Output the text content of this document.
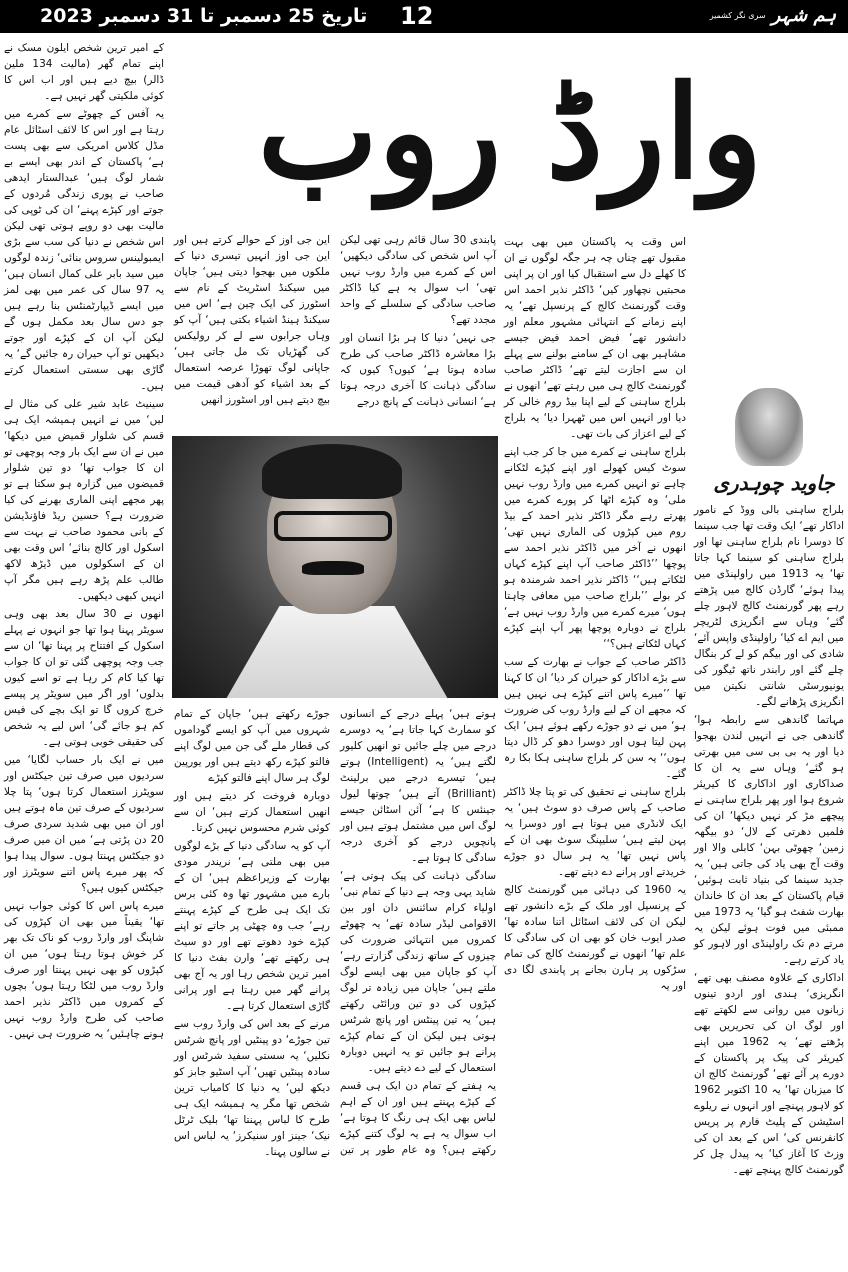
تاریخ 25 دسمبر تا 31 دسمبر 2023 12	سری نگر کشمیر ہم شہر

کے امیر ترین شخص ایلون مسک نے اپنے تمام گھر (مالیت 134 ملین ڈالر) بیچ دیے ہیں اور اب اس کا کوئی ملکیتی گھر نہیں ہے۔

یہ آفس کے چھوٹے سے کمرے میں رہتا ہے اور اس کا لائف اسٹائل عام مڈل کلاس امریکی سے بھی پست ہے‘ پاکستان کے اندر بھی ایسے بے شمار لوگ ہیں‘ عبدالستار ایدھی صاحب نے پوری زندگی مُردوں کے جوتے اور کپڑے پہنے‘ ان کی ٹوپی کی مالیت بھی دو روپے ہوتی تھی لیکن اس شخص نے دنیا کی سب سے بڑی ایمبولینس سروس بنائی‘ زندہ لوگوں میں سید بابر علی کمال انسان ہیں‘ یہ 97 سال کی عمر میں بھی لمز میں ایسے ڈیپارٹمنٹس بنا رہے ہیں جو دس سال بعد مکمل ہوں گے لیکن آپ ان کے کپڑے اور جوتے دیکھیں تو آپ حیران رہ جائیں گے‘ یہ گاڑی بھی سستی استعمال کرتے ہیں۔

سینیٹ عابد شیر علی کی مثال لے لیں‘ میں نے انہیں ہمیشہ ایک ہی قسم کی شلوار قمیض میں دیکھا‘ میں نے ان سے ایک بار وجہ پوچھی تو ان کا جواب تھا‘ دو تین شلوار قمیضوں میں گزارہ ہو سکتا ہے تو پھر مجھے اپنی الماری بھرنے کی کیا ضرورت ہے؟ حسین ریڈ فاؤنڈیشن کے بانی محمود صاحب نے بہت سے اسکول اور کالج بنائے‘ اس وقت بھی ان کے اسکولوں میں ڈیڑھ لاکھ طالب علم پڑھ رہے ہیں مگر آپ انہیں کبھی دیکھیں۔

انھوں نے 30 سال بعد بھی وہی سویٹر پہنا ہوا تھا جو انہوں نے پہلے اسکول کے افتتاح پر پہنا تھا‘ ان سے جب وجہ پوچھی گئی تو ان کا جواب تھا کیا کام کر رہا ہے تو اسے کیوں بدلوں‘ اور اگر میں سویٹر پر پیسے خرچ کروں گا تو ایک بچے کی فیس کم ہو جائے گی‘ اس لیے یہ شخص کی حقیقی خوبی ہوتی ہے۔

میں نے ایک بار حساب لگایا‘ میں سردیوں میں صرف تین جیکٹس اور سویٹرز استعمال کرتا ہوں‘ پتا چلا سردیوں کے صرف تین ماہ ہوتے ہیں اور ان میں بھی شدید سردی صرف 20 دن پڑتی ہے‘ میں ان میں صرف دو جیکٹس پہنتا ہوں۔ سوال پیدا ہوا کہ پھر میرے پاس اتنے سویٹرز اور جیکٹس کیوں ہیں؟

میرے پاس اس کا کوئی جواب نہیں تھا‘ یقیناً میں بھی ان کپڑوں کی شاپنگ اور وارڈ روب کو ناک تک بھر کر خوش ہوتا رہتا ہوں‘ میں ان کپڑوں کو بھی نہیں پہنتا اور صرف وارڈ روب میں لٹکا رہتا ہوں‘ بچوں کے کمروں میں ڈاکٹر نذیر احمد صاحب کی طرح وارڈ روب نہیں ہونے چاہئیں‘ یہ ضرورت ہی نہیں۔

وارڈ روب

پابندی 30 سال قائم رہی تھی لیکن آپ اس شخص کی سادگی دیکھیں‘ اس کے کمرے میں وارڈ روب نہیں تھی‘ اب سوال یہ ہے کیا ڈاکٹر صاحب سادگی کے سلسلے کے واحد مجدد تھے؟

جی نہیں‘ دنیا کا ہر بڑا انسان اور بڑا معاشرہ ڈاکٹر صاحب کی طرح سادہ ہوتا ہے‘ کیوں؟ کیوں کہ سادگی ذہانت کا آخری درجہ ہوتا ہے‘ انسانی ذہانت کے پانچ درجے

این جی اوز کے حوالے کرتے ہیں اور این جی اوز انہیں تیسری دنیا کے ملکوں میں بھجوا دیتی ہیں‘ جاپان میں سیکنڈ اسٹریٹ کے نام سے اسٹورز کی ایک چین ہے‘ اس میں سیکنڈ ہینڈ اشیاء بکتی ہیں‘ آپ کو وہاں جرابوں سے لے کر رولیکس کی گھڑیاں تک مل جاتی ہیں‘ جاپانی لوگ تھوڑا عرصہ استعمال کے بعد اشیاء کو آدھی قیمت میں بیچ دیتے ہیں اور اسٹورز انھیں

ہوتے ہیں‘ پہلے درجے کے انسانوں کو سمارٹ کہا جاتا ہے‘ یہ دوسرے درجے میں چلے جائیں تو انھیں کلیور لگتے ہیں‘ یہ (Intelligent) ہوتے ہیں‘ تیسرے درجے میں برلینٹ (Brilliant) آتے ہیں‘ چوتھا لیول جینئس کا ہے‘ آئن اسٹائن جیسے لوگ اس میں مشتمل ہوتے ہیں اور پانچویں درجے کو آخری درجہ سادگی کا ہوتا ہے۔

سادگی ذہانت کی پیک ہوتی ہے‘ شاید یہی وجہ ہے دنیا کے تمام نبی‘ اولیاء کرام سائنس دان اور بین الاقوامی لیڈر سادہ تھے‘ یہ چھوٹے کمروں میں انتہائی ضرورت کی چیزوں کے ساتھ زندگی گزارتے رہے‘ آپ کو جاپان میں بھی ایسے لوگ ملتے ہیں‘ جاپان میں زیادہ تر لوگ کپڑوں کی دو تین ورائٹی رکھتے ہیں‘ یہ تین پینٹس اور پانچ شرٹس ہوتی ہیں لیکن ان کے تمام کپڑے پرانے ہو جائیں تو یہ انہیں دوبارہ استعمال کے لیے دے دیتے ہیں۔

یہ ہفتے کے تمام دن ایک ہی قسم کے کپڑے پہنتے ہیں اور ان کے اہم لباس بھی ایک ہی رنگ کا ہوتا ہے‘ اب سوال یہ ہے یہ لوگ کتنے کپڑے رکھتے ہیں؟ وہ عام طور پر تین جوڑے رکھتے ہیں‘ جاپان کے تمام شہروں میں آپ کو ایسے گوداموں کی قطار ملے گی جن میں لوگ اپنے فالتو کپڑے رکھ دیتے ہیں اور یورپین لوگ ہر سال اپنے فالتو کپڑے

دوبارہ فروخت کر دیتے ہیں اور انھیں استعمال کرتے ہیں‘ ان سے کوئی شرم محسوس نہیں کرتا۔

آپ کو یہ سادگی دنیا کے بڑے لوگوں میں بھی ملتی ہے‘ نریندر مودی بھارت کے وزیراعظم ہیں‘ ان کے بارے میں مشہور تھا وہ کئی برس تک ایک ہی طرح کے کپڑے پہنتے رہے‘ جب وہ چھٹی پر جاتے تو اپنے کپڑے خود دھوتے تھے اور دو سیٹ ہی رکھتے تھے‘ وارن بفٹ دنیا کا امیر ترین شخص رہا اور یہ آج بھی پرانے گھر میں رہتا ہے اور پرانی گاڑی استعمال کرتا ہے۔

مرنے کے بعد اس کی وارڈ روب سے تین جوڑے‘ دو پینٹیں اور پانچ شرٹس نکلیں‘ یہ سستی سفید شرٹس اور سادہ پینٹیں تھیں‘ آپ اسٹیو جابز کو دیکھ لیں‘ یہ دنیا کا کامیاب ترین شخص تھا مگر یہ ہمیشہ ایک ہی طرح کا لباس پہنتا تھا‘ بلیک ٹرٹل نیک‘ جینز اور سنیکرز‘ یہ لباس اس نے سالوں پہنا۔

اس وقت یہ پاکستان میں بھی بہت مقبول تھے چناں چہ ہر جگہ لوگوں نے ان کا کھلے دل سے استقبال کیا اور ان پر اپنی محبتیں نچھاور کیں‘ ڈاکٹر نذیر احمد اس وقت گورنمنٹ کالج کے پرنسپل تھے‘ یہ اپنے زمانے کے انتہائی مشہور معلم اور دانشور تھے‘ فیض احمد فیض جیسے مشاہیر بھی ان کے سامنے بولنے سے پہلے ان سے اجازت لیتے تھے‘ ڈاکٹر صاحب گورنمنٹ کالج ہی میں رہتے تھے‘ انھوں نے بلراج ساہنی کے لیے اپنا بیڈ روم خالی کر دیا اور انہیں اس میں ٹھہرا دیا‘ یہ بلراج کے لیے اعزاز کی بات تھی۔

بلراج ساہنی نے کمرے میں جا کر جب اپنے سوٹ کیس کھولے اور اپنے کپڑے لٹکانے چاہے تو انہیں کمرے میں وارڈ روب نہیں ملی‘ وہ کپڑے اٹھا کر پورے کمرے میں پھرتے رہے مگر ڈاکٹر نذیر احمد کے بیڈ روم میں کپڑوں کی الماری نہیں تھی‘ انھوں نے آخر میں ڈاکٹر نذیر احمد سے پوچھا ’’ڈاکٹر صاحب آپ اپنے کپڑے کہاں لٹکاتے ہیں‘‘ ڈاکٹر نذیر احمد شرمندہ ہو کر بولے ’’بلراج صاحب میں معافی چاہتا ہوں‘ میرے کمرے میں وارڈ روب نہیں ہے‘ بلراج نے دوبارہ پوچھا پھر آپ اپنے کپڑے کہاں لٹکاتے ہیں؟‘‘

ڈاکٹر صاحب کے جواب نے بھارت کے سب سے بڑے اداکار کو حیران کر دیا‘ ان کا کہنا تھا ’’میرے پاس اتنے کپڑے ہی نہیں ہیں کہ مجھے ان کے لیے وارڈ روب کی ضرورت ہو‘ میں نے دو جوڑے رکھے ہوئے ہیں‘ ایک پہن لیتا ہوں اور دوسرا دھو کر ڈال دیتا ہوں‘‘ یہ سن کر بلراج ساہنی ہکا بکا رہ گئے۔

بلراج ساہنی نے تحقیق کی تو پتا چلا ڈاکٹر صاحب کے پاس صرف دو سوٹ ہیں‘ یہ ایک لانڈری میں ہوتا ہے اور دوسرا یہ پہن لیتے ہیں‘ سلیپنگ سوٹ بھی ان کے پاس نہیں تھا‘ یہ ہر سال دو جوڑے خریدتے اور پرانے دے دیتے تھے۔

یہ 1960 کی دہائی میں گورنمنٹ کالج کے پرنسپل اور ملک کے بڑے دانشور تھے لیکن ان کی لائف اسٹائل اتنا سادہ تھا‘ صدر ایوب خان کو بھی ان کی سادگی کا علم تھا‘ انھوں نے گورنمنٹ کالج کی تمام سڑکوں پر ہارن بجانے پر پابندی لگا دی اور یہ

جاوید چوہدری

بلراج ساہنی بالی ووڈ کے نامور اداکار تھے‘ ایک وقت تھا جب سینما کا دوسرا نام بلراج ساہنی تھا اور بلراج ساہنی کو سینما کہا جاتا تھا‘ یہ 1913 میں راولپنڈی میں پیدا ہوئے‘ گارڈن کالج میں پڑھتے رہے پھر گورنمنٹ کالج لاہور چلے گئے‘ وہاں سے انگریزی لٹریچر میں ایم اے کیا‘ راولپنڈی واپس آئے‘ شادی کی اور بیگم کو لے کر بنگال چلے گئے اور رابندر ناتھ ٹیگور کی یونیورسٹی شانتی نکیتن میں انگریزی پڑھانے لگے۔

مہاتما گاندھی سے رابطہ ہوا‘ گاندھی جی نے انہیں لندن بھجوا دیا اور یہ بی بی سی میں بھرتی ہو گئے‘ وہاں سے یہ ان کا صداکاری اور اداکاری کا کیریئر شروع ہوا اور پھر بلراج ساہنی نے پیچھے مڑ کر نہیں دیکھا‘ ان کی فلمیں دھرتی کے لال‘ دو بیگھہ زمین‘ چھوٹی بہن‘ کابلی والا اور وقت آج بھی یاد کی جاتی ہیں‘ یہ جدید سینما کی بنیاد ثابت ہوئیں‘ قیام پاکستان کے بعد ان کا خاندان بھارت شفٹ ہو گیا‘ یہ 1973 میں ممبئی میں فوت ہوئے لیکن یہ مرتے دم تک راولپنڈی اور لاہور کو یاد کرتے رہے۔

اداکاری کے علاوہ مصنف بھی تھے‘ انگریزی‘ ہندی اور اردو تینوں زبانوں میں روانی سے لکھتے تھے اور لوگ ان کی تحریریں بھی پڑھتے تھے‘ یہ 1962 میں اپنے کیریئر کی پیک پر پاکستان کے دورے پر آئے تھے‘ گورنمنٹ کالج ان کا میزبان تھا‘ یہ 10 اکتوبر 1962 کو لاہور پہنچے اور انہوں نے ریلوے اسٹیشن کے پلیٹ فارم پر پریس کانفرنس کی‘ اس کے بعد ان کی وزٹ کا آغاز کیا‘ یہ پیدل چل کر گورنمنٹ کالج پہنچے تھے۔
